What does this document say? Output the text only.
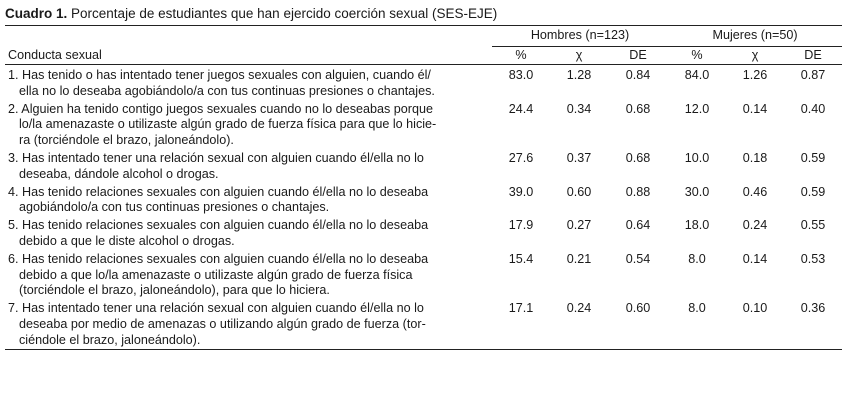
Cuadro 1. Porcentaje de estudiantes que han ejercido coerción sexual (SES-EJE)
	Hombres (n=123)			Mujeres (n=50)		
Conducta sexual	%	χ	DE	%	χ	DE

1. Has tenido o has intentado tener juegos sexuales con alguien, cuando él/
ella no lo deseaba agobiándolo/a con tus continuas presiones o chantajes.	83.0	1.28	0.84	84.0	1.26	0.87

2. Alguien ha tenido contigo juegos sexuales cuando no lo deseabas porque
lo/la amenazaste o utilizaste algún grado de fuerza física para que lo hicie-
ra (torciéndole el brazo, jaloneándolo).	24.4	0.34	0.68	12.0	0.14	0.40

3. Has intentado tener una relación sexual con alguien cuando él/ella no lo
deseaba, dándole alcohol o drogas.	27.6	0.37	0.68	10.0	0.18	0.59

4. Has tenido relaciones sexuales con alguien cuando él/ella no lo deseaba
agobiándolo/a con tus continuas presiones o chantajes.	39.0	0.60	0.88	30.0	0.46	0.59

5. Has tenido relaciones sexuales con alguien cuando él/ella no lo deseaba
debido a que le diste alcohol o drogas.	17.9	0.27	0.64	18.0	0.24	0.55

6. Has tenido relaciones sexuales con alguien cuando él/ella no lo deseaba
debido a que lo/la amenazaste o utilizaste algún grado de fuerza física
(torciéndole el brazo, jaloneándolo), para que lo hiciera.	15.4	0.21	0.54	8.0	0.14	0.53

7. Has intentado tener una relación sexual con alguien cuando él/ella no lo
deseaba por medio de amenazas o utilizando algún grado de fuerza (tor-
ciéndole el brazo, jaloneándolo).	17.1	0.24	0.60	8.0	0.10	0.36
